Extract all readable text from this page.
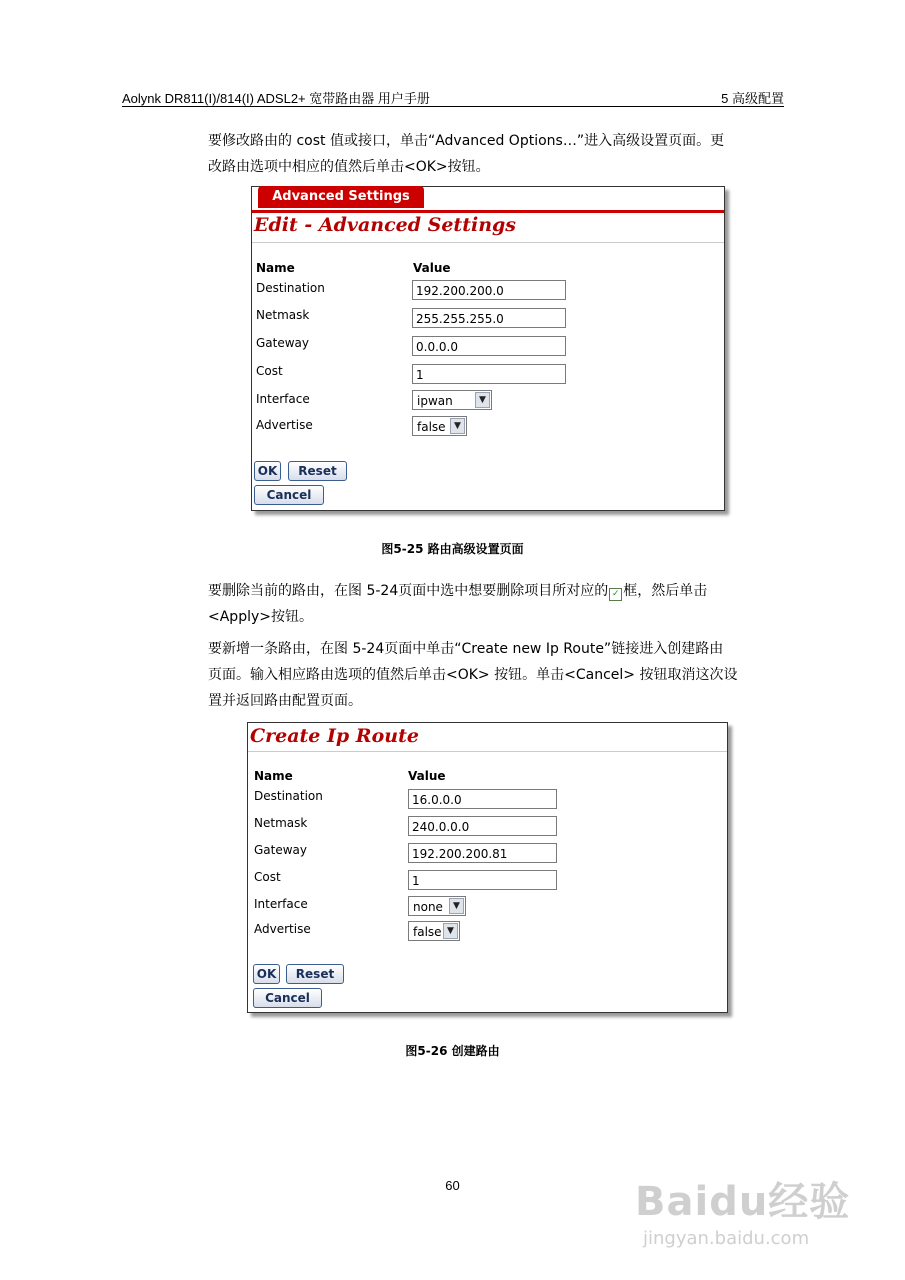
Aolynk DR811(I)/814(I) ADSL2+ 宽带路由器 用户手册	5 高级配置
要修改路由的 cost 值或接口，单击“Advanced Options…”进入高级设置页面。更
改路由选项中相应的值然后单击<OK>按钮。
Advanced Settings
Edit - Advanced Settings
Name	Value
Destination	192.200.200.0
Netmask	255.255.255.0
Gateway	0.0.0.0
Cost	1
Interface	ipwan	▼
Advertise	false ▼
OK	Reset
Cancel
图5-25 路由高级设置页面
要删除当前的路由，在图 5-24页面中选中想要删除项目所对应的 ✓ 框，然后单击
<Apply>按钮。
要新增一条路由，在图 5-24页面中单击“Create new Ip Route”链接进入创建路由
页面。输入相应路由选项的值然后单击<OK> 按钮。单击<Cancel> 按钮取消这次设
置并返回路由配置页面。
Create Ip Route
Name	Value
Destination	16.0.0.0
Netmask	240.0.0.0
Gateway	192.200.200.81
Cost	1
Interface	none	▼
Advertise	false ▼
OK	Reset
Cancel
图5-26 创建路由
60	Baidu经验
jingyan.baidu.com
